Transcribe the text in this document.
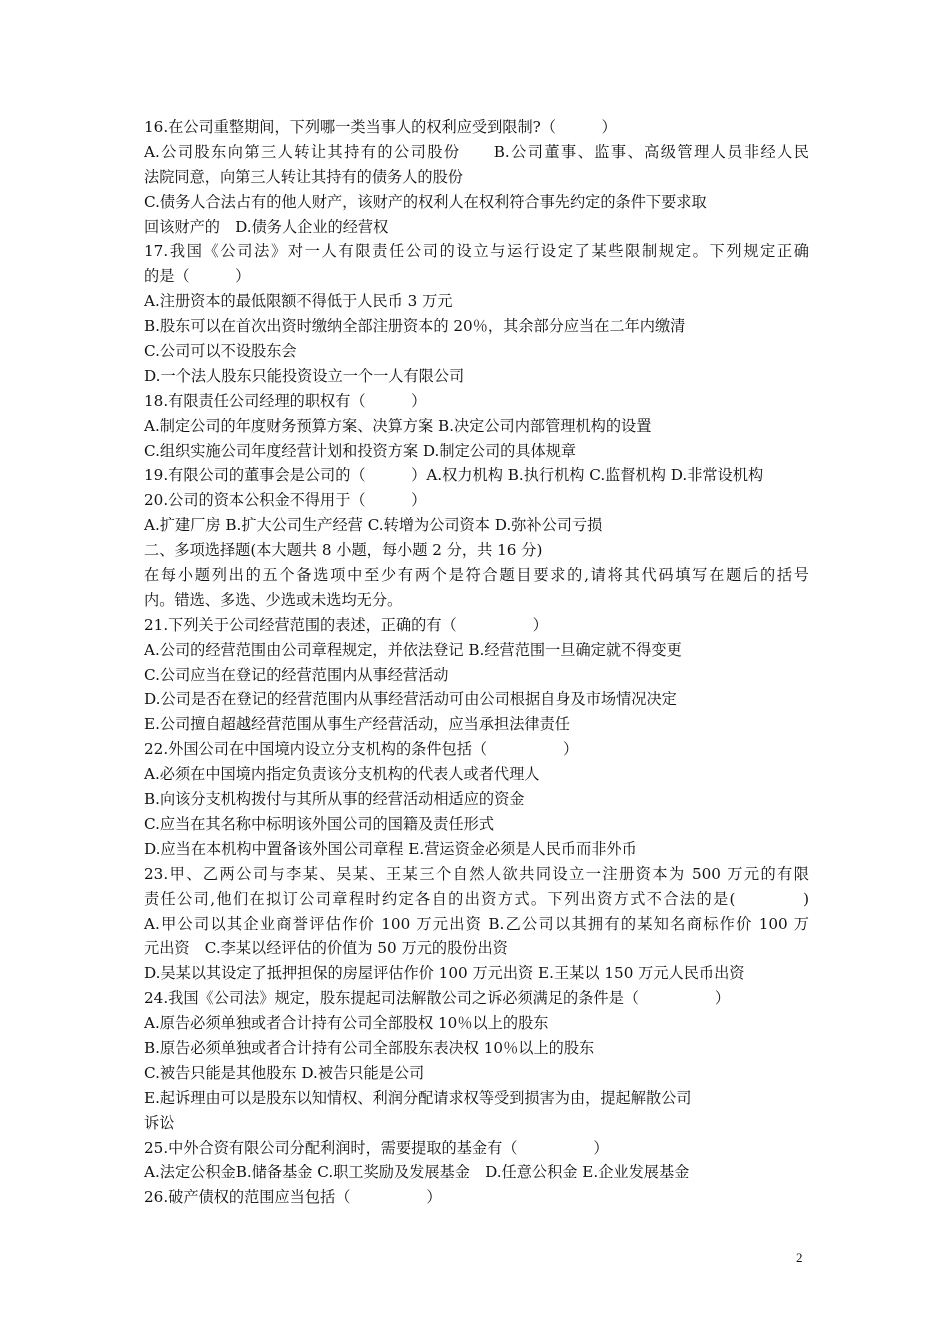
16.在公司重整期间，下列哪一类当事人的权利应受到限制?（　　　）
A.公司股东向第三人转让其持有的公司股份　　B.公司董事、监事、高级管理人员非经人民
法院同意，向第三人转让其持有的债务人的股份
C.债务人合法占有的他人财产，该财产的权利人在权利符合事先约定的条件下要求取
回该财产的　D.债务人企业的经营权
17.我国《公司法》对一人有限责任公司的设立与运行设定了某些限制规定。下列规定正确
的是（　　　）
A.注册资本的最低限额不得低于人民币 3 万元
B.股东可以在首次出资时缴纳全部注册资本的 20％，其余部分应当在二年内缴清
C.公司可以不设股东会
D.一个法人股东只能投资设立一个一人有限公司
18.有限责任公司经理的职权有（　　　）
A.制定公司的年度财务预算方案、决算方案 B.决定公司内部管理机构的设置
C.组织实施公司年度经营计划和投资方案 D.制定公司的具体规章
19.有限公司的董事会是公司的（　　　）A.权力机构 B.执行机构 C.监督机构 D.非常设机构
20.公司的资本公积金不得用于（　　　）
A.扩建厂房 B.扩大公司生产经营 C.转增为公司资本 D.弥补公司亏损
二、多项选择题(本大题共 8 小题，每小题 2 分，共 16 分)
在每小题列出的五个备选项中至少有两个是符合题目要求的,请将其代码填写在题后的括号
内。错选、多选、少选或未选均无分。
21.下列关于公司经营范围的表述，正确的有（　　　　　）
A.公司的经营范围由公司章程规定，并依法登记 B.经营范围一旦确定就不得变更
C.公司应当在登记的经营范围内从事经营活动
D.公司是否在登记的经营范围内从事经营活动可由公司根据自身及市场情况决定
E.公司擅自超越经营范围从事生产经营活动，应当承担法律责任
22.外国公司在中国境内设立分支机构的条件包括（　　　　　）
A.必须在中国境内指定负责该分支机构的代表人或者代理人
B.向该分支机构拨付与其所从事的经营活动相适应的资金
C.应当在其名称中标明该外国公司的国籍及责任形式
D.应当在本机构中置备该外国公司章程 E.营运资金必须是人民币而非外币
23.甲、乙两公司与李某、吴某、王某三个自然人欲共同设立一注册资本为 500 万元的有限
责任公司,他们在拟订公司章程时约定各自的出资方式。下列出资方式不合法的是(　　　　)
A.甲公司以其企业商誉评估作价 100 万元出资 B.乙公司以其拥有的某知名商标作价 100 万
元出资　C.李某以经评估的价值为 50 万元的股份出资
D.吴某以其设定了抵押担保的房屋评估作价 100 万元出资 E.王某以 150 万元人民币出资
24.我国《公司法》规定，股东提起司法解散公司之诉必须满足的条件是（　　　　　）
A.原告必须单独或者合计持有公司全部股权 10％以上的股东
B.原告必须单独或者合计持有公司全部股东表决权 10％以上的股东
C.被告只能是其他股东 D.被告只能是公司
E.起诉理由可以是股东以知情权、利润分配请求权等受到损害为由，提起解散公司
诉讼
25.中外合资有限公司分配利润时，需要提取的基金有（　　　　　）
A.法定公积金B.储备基金 C.职工奖励及发展基金　D.任意公积金 E.企业发展基金
26.破产债权的范围应当包括（　　　　　）
2
